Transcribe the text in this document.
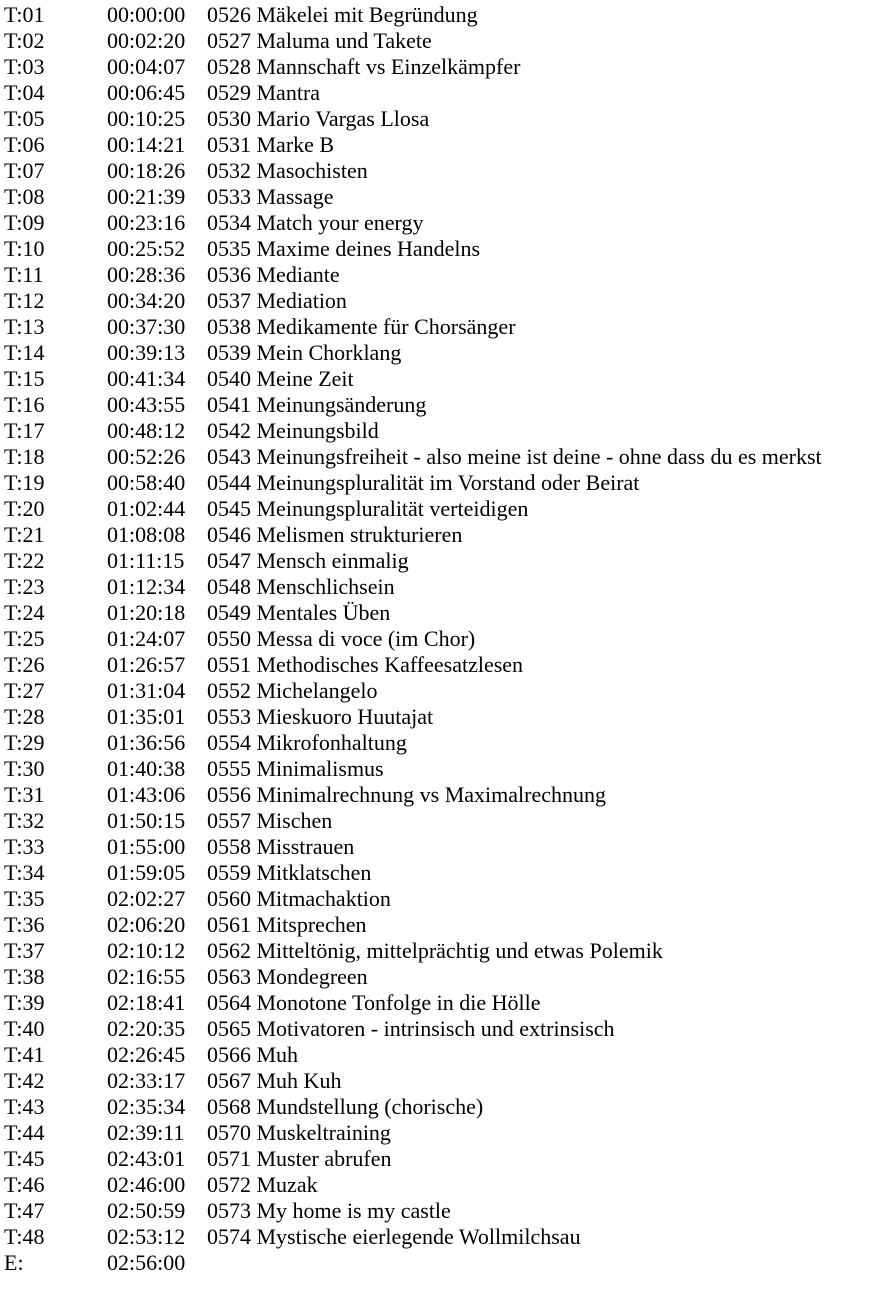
T:01	00:00:00 0526 Mäkelei mit Begründung
T:02	00:02:20 0527 Maluma und Takete
T:03	00:04:07 0528 Mannschaft vs Einzelkämpfer
T:04	00:06:45 0529 Mantra
T:05	00:10:25 0530 Mario Vargas Llosa
T:06	00:14:21 0531 Marke B
T:07	00:18:26 0532 Masochisten
T:08	00:21:39 0533 Massage
T:09	00:23:16 0534 Match your energy
T:10	00:25:52 0535 Maxime deines Handelns
T:11	00:28:36 0536 Mediante
T:12	00:34:20 0537 Mediation
T:13	00:37:30 0538 Medikamente für Chorsänger
T:14	00:39:13 0539 Mein Chorklang
T:15	00:41:34 0540 Meine Zeit
T:16	00:43:55 0541 Meinungsänderung
T:17	00:48:12 0542 Meinungsbild
T:18	00:52:26 0543 Meinungsfreiheit - also meine ist deine - ohne dass du es merkst
T:19	00:58:40 0544 Meinungspluralität im Vorstand oder Beirat
T:20	01:02:44 0545 Meinungspluralität verteidigen
T:21	01:08:08 0546 Melismen strukturieren
T:22	01:11:15	0547 Mensch einmalig
T:23	01:12:34 0548 Menschlichsein
T:24	01:20:18 0549 Mentales Üben
T:25	01:24:07 0550 Messa di voce (im Chor)
T:26	01:26:57 0551 Methodisches Kaffeesatzlesen
T:27	01:31:04 0552 Michelangelo
T:28	01:35:01 0553 Mieskuoro Huutajat
T:29	01:36:56 0554 Mikrofonhaltung
T:30	01:40:38 0555 Minimalismus
T:31	01:43:06 0556 Minimalrechnung vs Maximalrechnung
T:32	01:50:15 0557 Mischen
T:33	01:55:00 0558 Misstrauen
T:34	01:59:05 0559 Mitklatschen
T:35	02:02:27 0560 Mitmachaktion
T:36	02:06:20 0561 Mitsprechen
T:37	02:10:12 0562 Mitteltönig, mittelprächtig und etwas Polemik
T:38	02:16:55 0563 Mondegreen
T:39	02:18:41 0564 Monotone Tonfolge in die Hölle
T:40	02:20:35 0565 Motivatoren - intrinsisch und extrinsisch
T:41	02:26:45 0566 Muh
T:42	02:33:17 0567 Muh Kuh
T:43	02:35:34 0568 Mundstellung (chorische)
T:44	02:39:11	0570 Muskeltraining
T:45	02:43:01 0571 Muster abrufen
T:46	02:46:00 0572 Muzak
T:47	02:50:59 0573 My home is my castle
T:48	02:53:12 0574 Mystische eierlegende Wollmilchsau
E:	02:56:00
